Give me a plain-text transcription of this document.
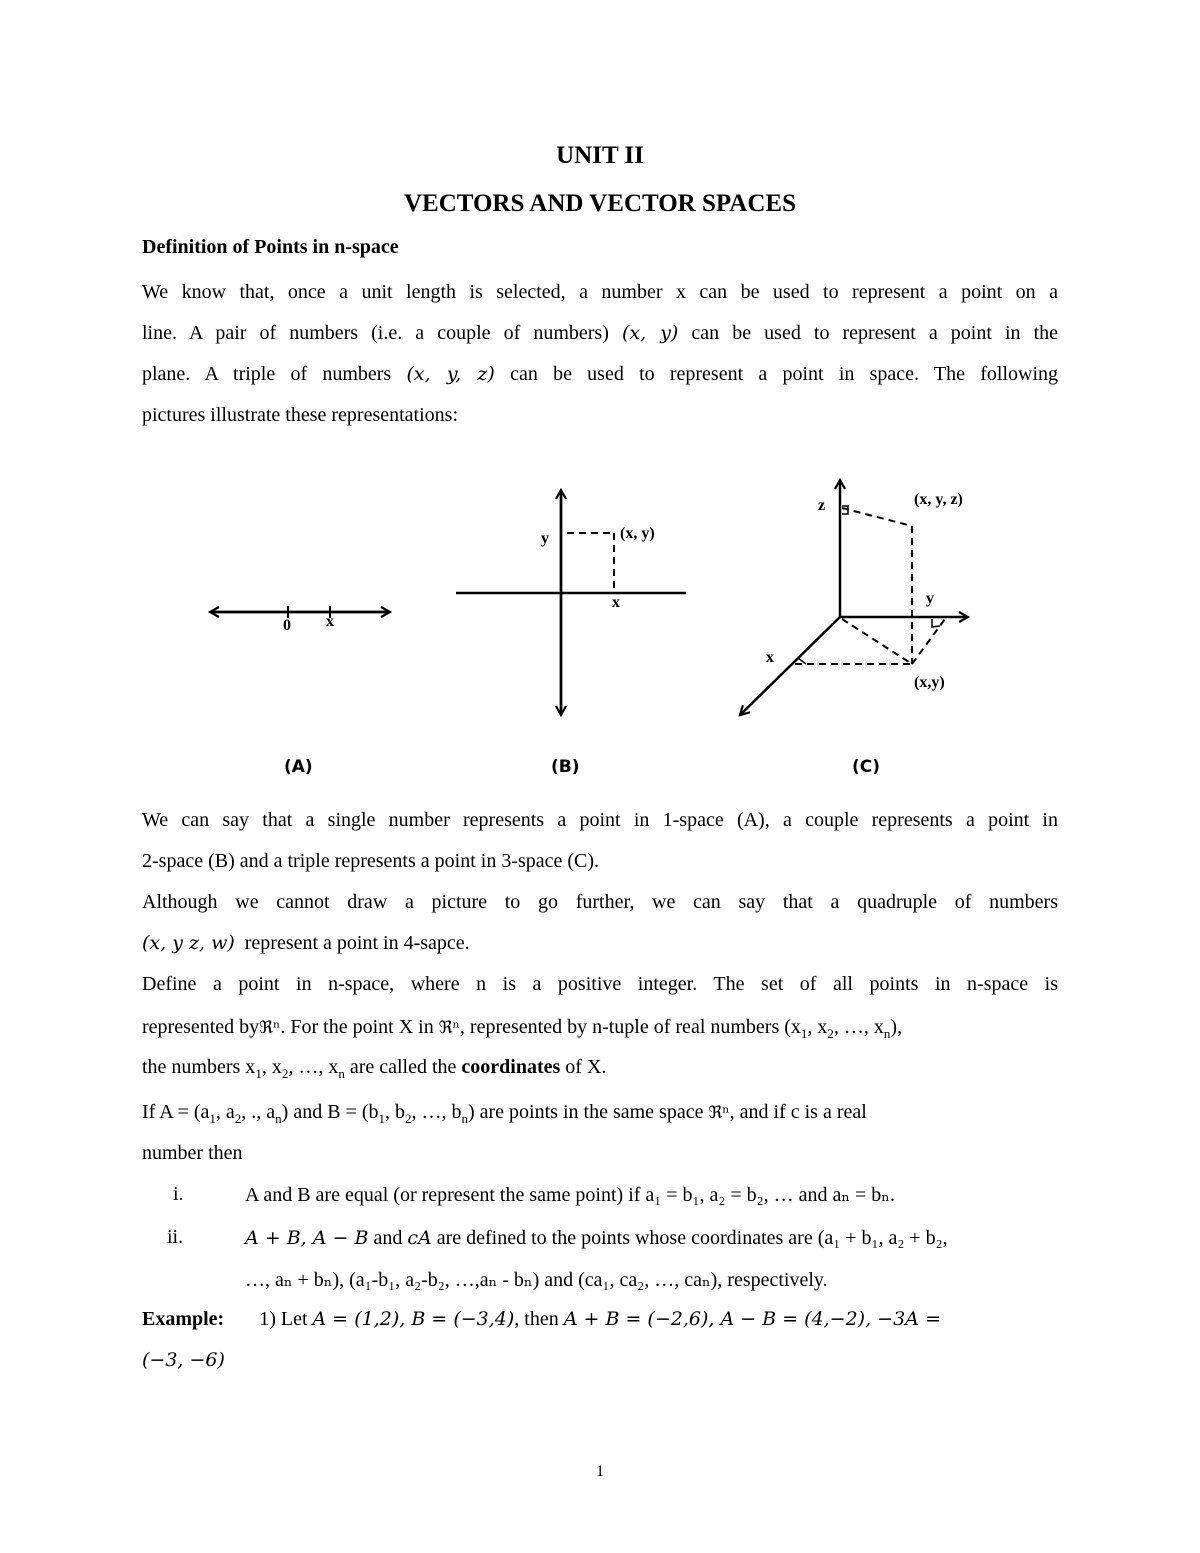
UNIT II
VECTORS AND VECTOR SPACES
Definition of Points in n-space
We know that, once a unit length is selected, a number x can be used to represent a point on a
line. A pair of numbers (i.e. a couple of numbers) (x, y) can be used to represent a point in the
plane. A triple of numbers (x, y, z) can be used to represent a point in space. The following
pictures illustrate these representations:
0 x
(A)
y
x
(x, y)
(B)
z
y
x
(x, y, z)
(x,y)
(C)
We can say that a single number represents a point in 1-space (A), a couple represents a point in
2-space (B) and a triple represents a point in 3-space (C).
Although we cannot draw a picture to go further, we can say that a quadruple of numbers
(x, y z, w) represent a point in 4-sapce.
Define a point in n-space, where n is a positive integer. The set of all points in n-space is
represented byℜⁿ. For the point X in ℜⁿ, represented by n-tuple of real numbers ($x_1$, $x_2$, …, $x_n$),
the numbers $x_1$, $x_2$, …, $x_n$ are called the coordinates of X.
If $A = (a_1$, $a_2$, ., $a_n$) and $B = (b_1$, $b_2$, …, $b_n$) are points in the same space ℜⁿ, and if c is a real
number then
i.	A and B are equal (or represent the same point) if a₁ = b₁, a₂ = b₂, … and aₙ = bₙ.
ii.	A + B, A − B and cA are defined to the points whose coordinates are (a₁ + b₁, a₂ + b₂,
…, aₙ + bₙ), (a₁-b₁, a₂-b₂, …,aₙ - bₙ) and (ca₁, ca₂, …, caₙ), respectively.
Example: 1) Let A = (1,2), B = (−3,4), then A + B = (−2,6), A − B = (4,−2), −3A =
(−3, −6)
1
